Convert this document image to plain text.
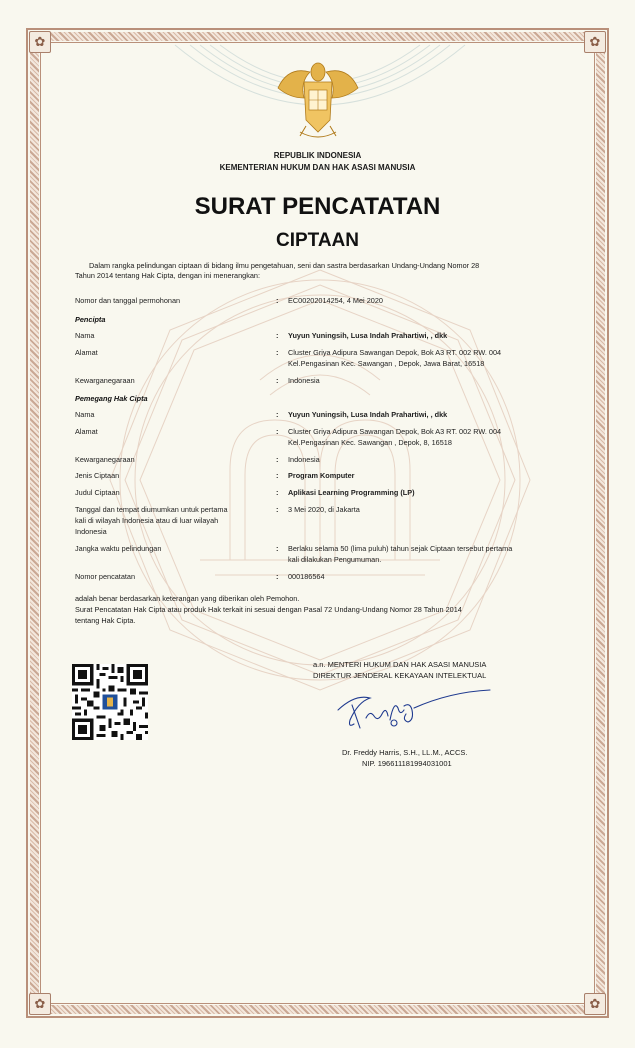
✿	✿
✿	✿
REPUBLIK INDONESIA
KEMENTERIAN HUKUM DAN HAK ASASI MANUSIA
SURAT PENCATATAN
CIPTAAN
Dalam rangka pelindungan ciptaan di bidang ilmu pengetahuan, seni dan sastra berdasarkan Undang-Undang Nomor 28
Tahun 2014 tentang Hak Cipta, dengan ini menerangkan:
Nomor dan tanggal permohonan	: EC00202014254, 4 Mei 2020
Pencipta
Nama	: Yuyun Yuningsih, Lusa Indah Prahartiwi, , dkk
Alamat	: Cluster Griya Adipura Sawangan Depok, Bok A3 RT. 002 RW. 004
Kel.Pengasinan Kec. Sawangan , Depok, Jawa Barat, 16518
Kewarganegaraan	: Indonesia
Pemegang Hak Cipta
Nama	: Yuyun Yuningsih, Lusa Indah Prahartiwi, , dkk
Alamat	: Cluster Griya Adipura Sawangan Depok, Bok A3 RT. 002 RW. 004
Kel.Pengasinan Kec. Sawangan , Depok, 8, 16518
Kewarganegaraan	: Indonesia
Jenis Ciptaan	: Program Komputer
Judul Ciptaan	: Aplikasi Learning Programming (LP)
Tanggal dan tempat diumumkan untuk pertama
kali di wilayah Indonesia atau di luar wilayah
Indonesia
: 3 Mei 2020, di Jakarta
Jangka waktu pelindungan	: Berlaku selama 50 (lima puluh) tahun sejak Ciptaan tersebut pertama
kali dilakukan Pengumuman.
Nomor pencatatan	: 000186564
adalah benar berdasarkan keterangan yang diberikan oleh Pemohon.
Surat Pencatatan Hak Cipta atau produk Hak terkait ini sesuai dengan Pasal 72 Undang-Undang Nomor 28 Tahun 2014
tentang Hak Cipta.
a.n. MENTERI HUKUM DAN HAK ASASI MANUSIA
DIREKTUR JENDERAL KEKAYAAN INTELEKTUAL
Dr. Freddy Harris, S.H., LL.M., ACCS.
NIP. 196611181994031001
